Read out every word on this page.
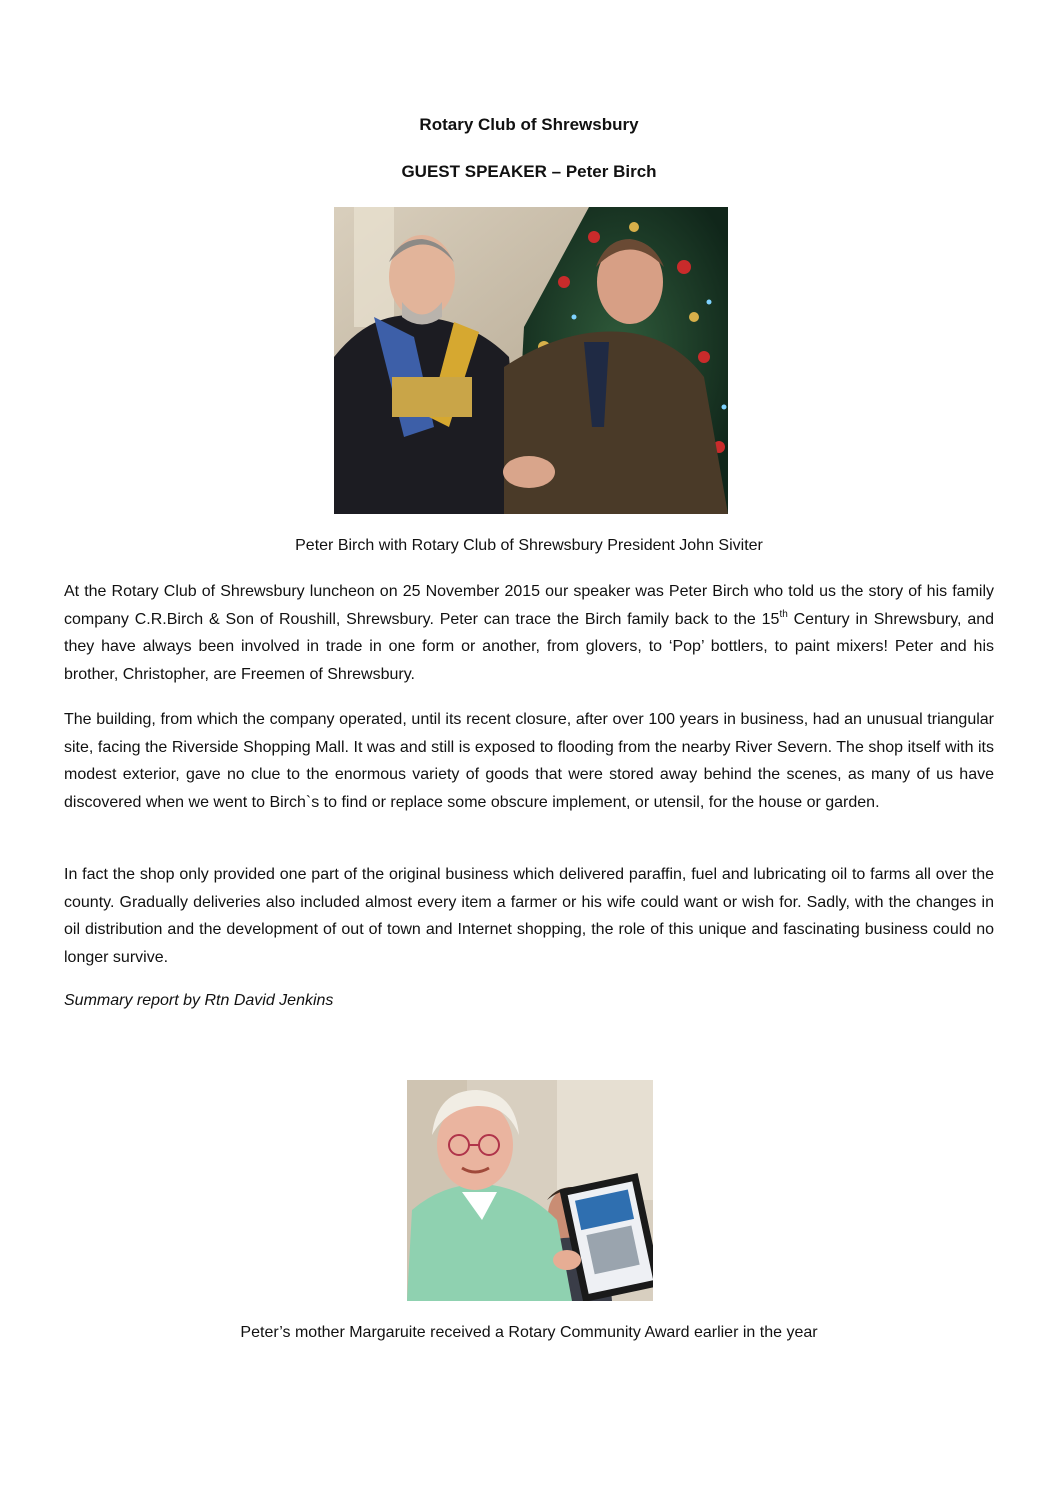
Rotary Club of Shrewsbury
GUEST SPEAKER – Peter Birch
Peter Birch with Rotary Club of Shrewsbury President John Siviter

At the Rotary Club of Shrewsbury luncheon on 25 November 2015 our speaker was Peter Birch who told us the story of his family company C.R.Birch & Son of Roushill, Shrewsbury. Peter can trace the Birch family back to the 15th Century in Shrewsbury, and they have always been involved in trade in one form or another, from glovers, to ‘Pop’ bottlers, to paint mixers! Peter and his brother, Christopher, are Freemen of Shrewsbury.

The building, from which the company operated, until its recent closure, after over 100 years in business, had an unusual triangular site, facing the Riverside Shopping Mall. It was and still is exposed to flooding from the nearby River Severn. The shop itself with its modest exterior, gave no clue to the enormous variety of goods that were stored away behind the scenes, as many of us have discovered when we went to Birch`s to find or replace some obscure implement, or utensil, for the house or garden.

In fact the shop only provided one part of the original business which delivered paraffin, fuel and lubricating oil to farms all over the county. Gradually deliveries also included almost every item a farmer or his wife could want or wish for. Sadly, with the changes in oil distribution and the development of out of town and Internet shopping, the role of this unique and fascinating business could no longer survive.

Summary report by Rtn David Jenkins
Peter’s mother Margaruite received a Rotary Community Award earlier in the year
